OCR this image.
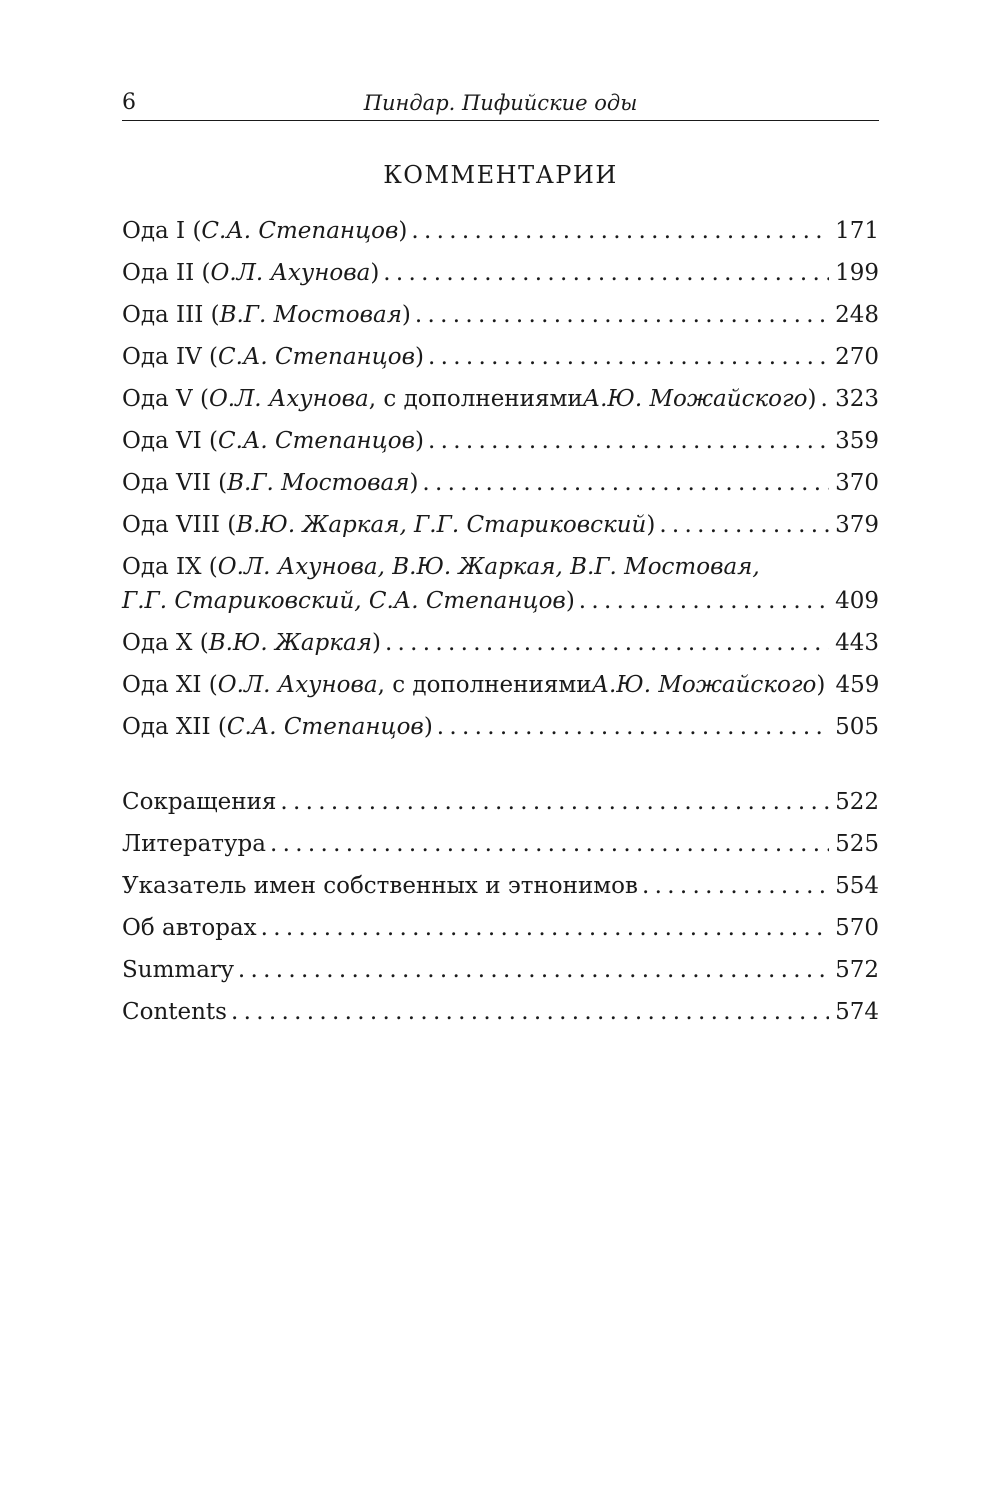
6	Пиндар. Пифийские оды
КОММЕНТАРИИ
Ода I ( С.А. Степанцов ) . . .	171
Ода II ( О.Л. Ахунова ) . . .	199
Ода III ( В.Г. Мостовая ) . . .	248
Ода IV ( С.А. Степанцов ) . . .	270
Ода V ( О.Л. Ахунова , с дополнениями А.Ю. Можайского ) . . . 323
Ода VI ( С.А. Степанцов ) . . .	359
Ода VII ( В.Г. Мостовая ) . . .	370
Ода VIII ( В.Ю. Жаркая, Г.Г. Стариковский ) . . .	379
Ода IX ( О.Л. Ахунова, В.Ю. Жаркая, В.Г. Мостовая,
Г.Г. Стариковский, С.А. Степанцов ) . . .	409
Ода X ( В.Ю. Жаркая ) . . .	443
Ода XI ( О.Л. Ахунова , с дополнениями А.Ю. Можайского ) 459
Ода XII ( С.А. Степанцов ) . . .	505
Сокращения . . .	522
Литература . . .	525
Указатель имен собственных и этнонимов . . .	554
Об авторах . . .	570
Summary . . .	572
Contents . . .	574
